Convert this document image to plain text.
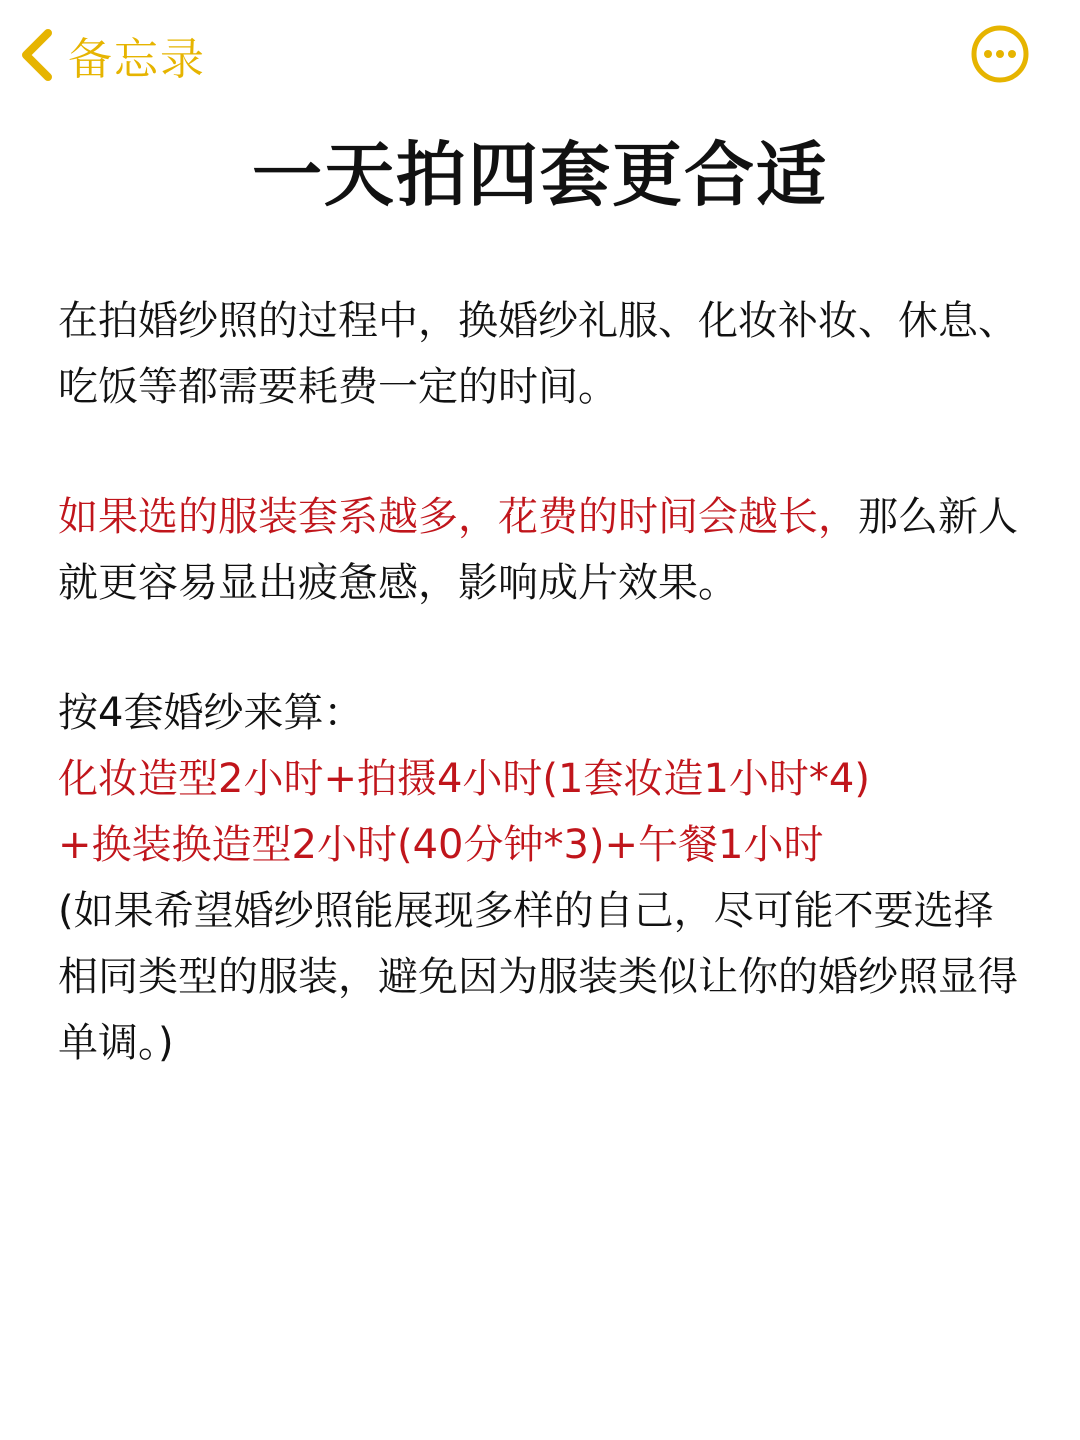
备忘录
一天拍四套更合适

在拍婚纱照的过程中，换婚纱礼服、化妆补妆、休息、吃饭等都需要耗费一定的时间。

如果选的服装套系越多，花费的时间会越长，那么新人就更容易显出疲惫感，影响成片效果。

按4套婚纱来算：

化妆造型2小时+拍摄4小时(1套妆造1小时*4)

+换装换造型2小时(40分钟*3)+午餐1小时

(如果希望婚纱照能展现多样的自己，尽可能不要选择相同类型的服装，避免因为服装类似让你的婚纱照显得单调。)
